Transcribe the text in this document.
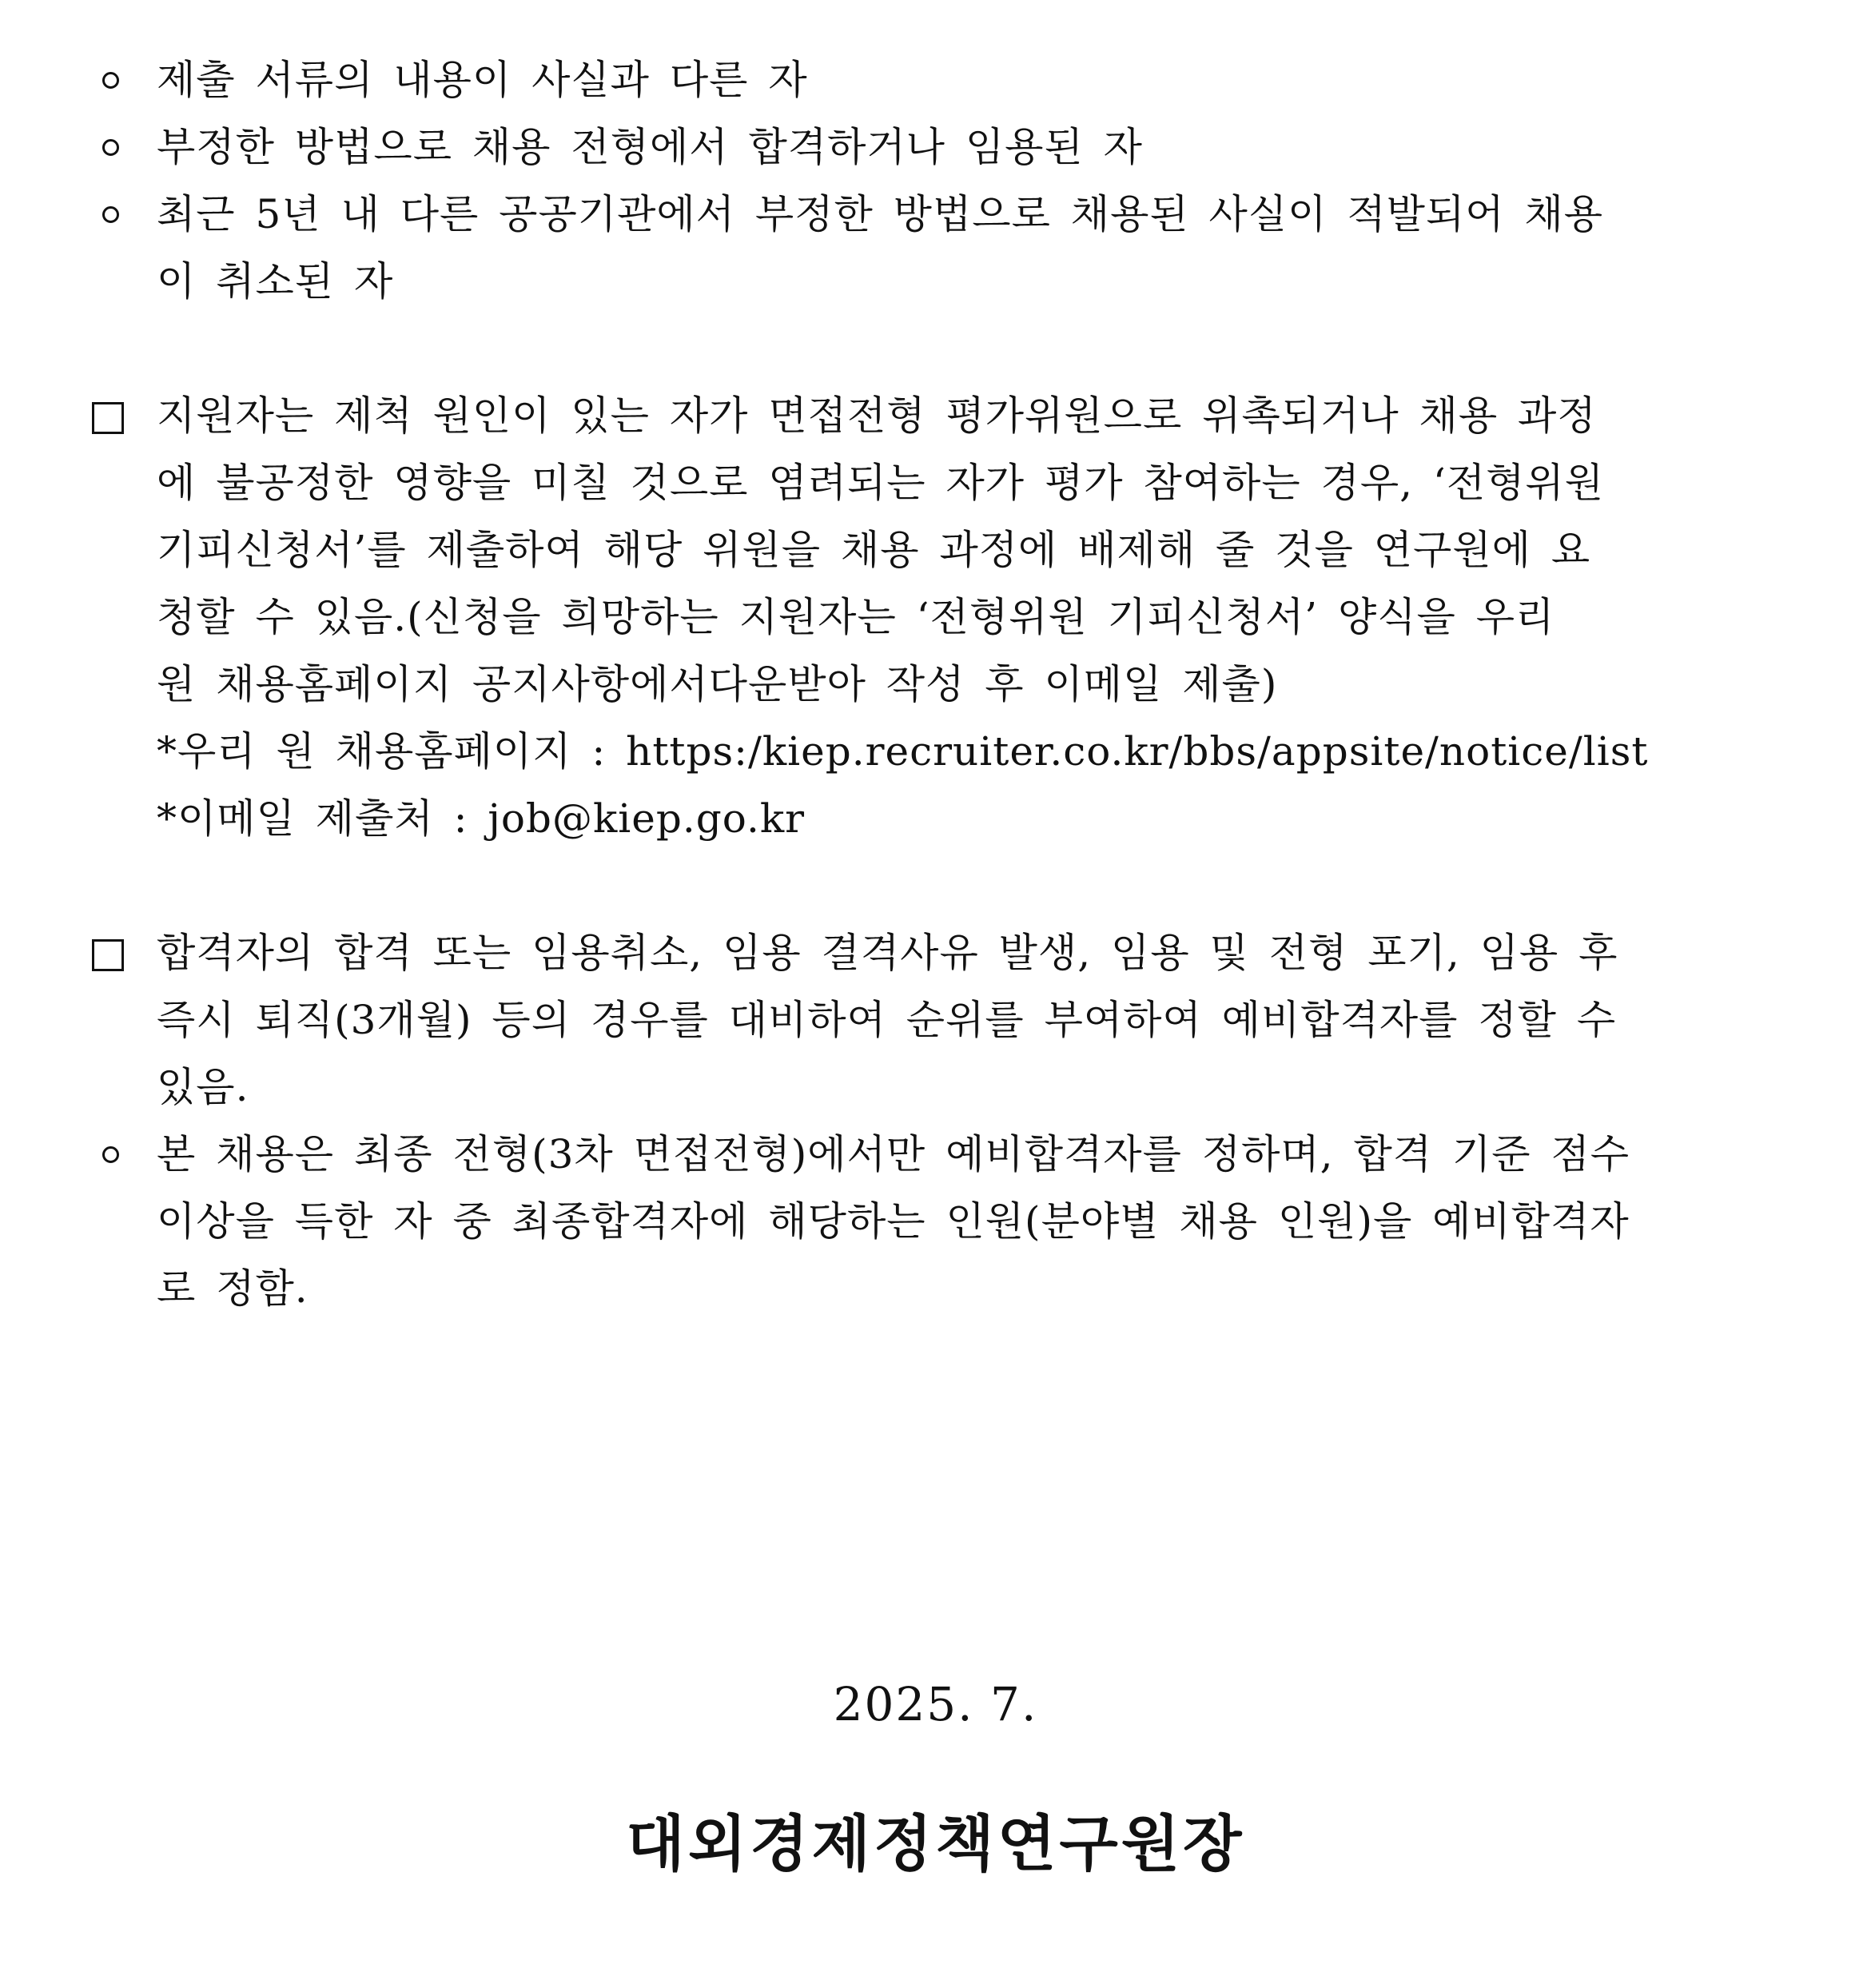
제출 서류의 내용이 사실과 다른 자
부정한 방법으로 채용 전형에서 합격하거나 임용된 자
최근 5년 내 다른 공공기관에서 부정한 방법으로 채용된 사실이 적발되어 채용
이 취소된 자
지원자는 제척 원인이 있는 자가 면접전형 평가위원으로 위촉되거나 채용 과정
에 불공정한 영향을 미칠 것으로 염려되는 자가 평가 참여하는 경우, ‘전형위원
기피신청서’를 제출하여 해당 위원을 채용 과정에 배제해 줄 것을 연구원에 요
청할 수 있음.(신청을 희망하는 지원자는 ‘전형위원 기피신청서’ 양식을 우리
원 채용홈페이지 공지사항에서다운받아 작성 후 이메일 제출)
*우리 원 채용홈페이지 : https:/kiep.recruiter.co.kr/bbs/appsite/notice/list
*이메일 제출처 : job@kiep.go.kr
합격자의 합격 또는 임용취소, 임용 결격사유 발생, 임용 및 전형 포기, 임용 후
즉시 퇴직(3개월) 등의 경우를 대비하여 순위를 부여하여 예비합격자를 정할 수
있음.
본 채용은 최종 전형(3차 면접전형)에서만 예비합격자를 정하며, 합격 기준 점수
이상을 득한 자 중 최종합격자에 해당하는 인원(분야별 채용 인원)을 예비합격자
로 정함.
2025. 7.
대외경제정책연구원장
